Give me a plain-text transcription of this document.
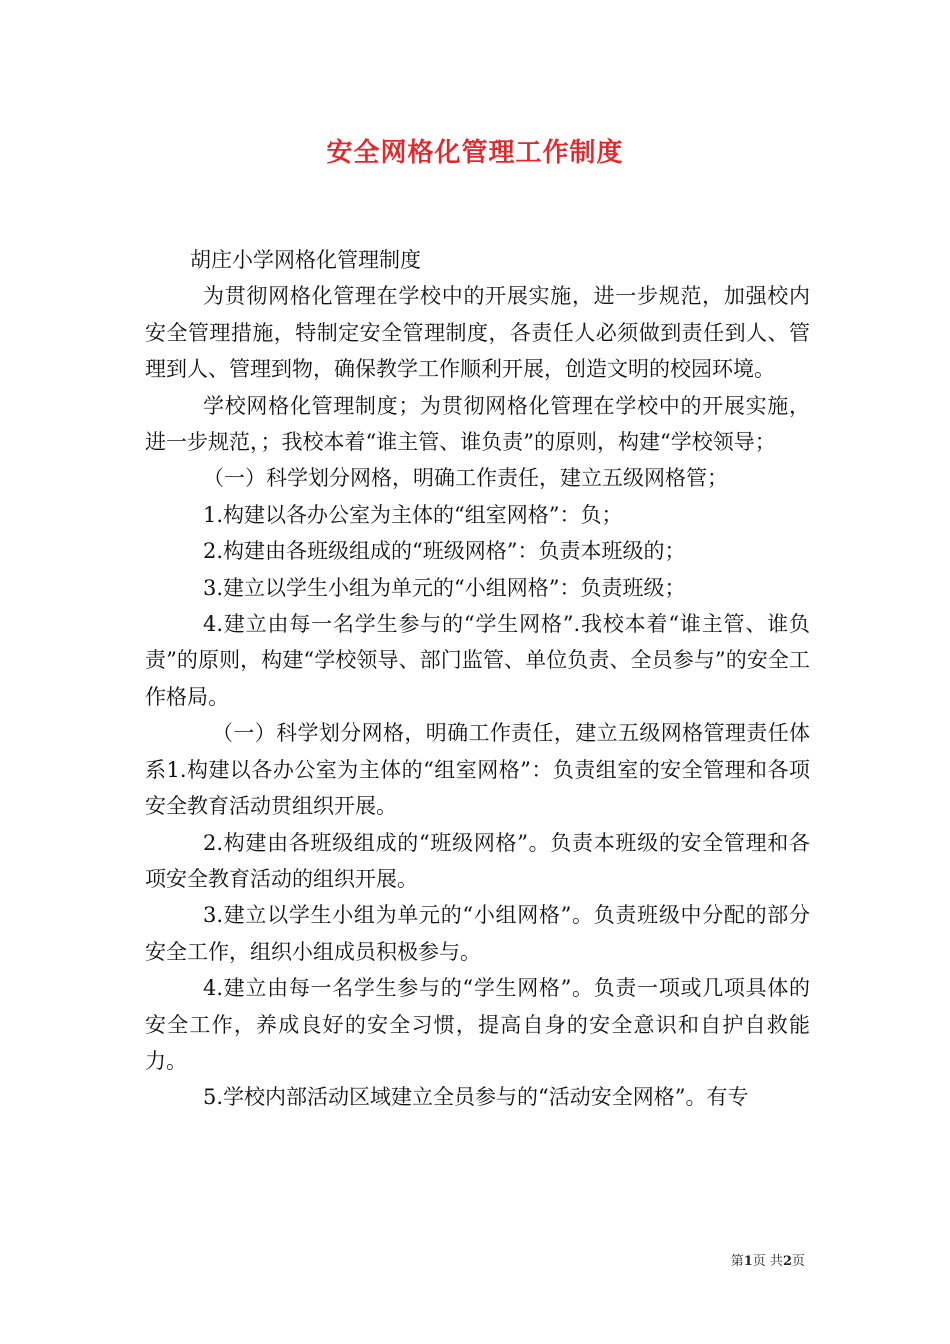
安全网格化管理工作制度

胡庄小学网格化管理制度

为贯彻网格化管理在学校中的开展实施，进一步规范，加强校内安全管理措施，特制定安全管理制度，各责任人必须做到责任到人、管理到人、管理到物，确保教学工作顺利开展，创造文明的校园环境。

学校网格化管理制度；为贯彻网格化管理在学校中的开展实施，进一步规范，；我校本着“谁主管、谁负责”的原则，构建“学校领导；

（一）科学划分网格，明确工作责任，建立五级网格管；

1.构建以各办公室为主体的“组室网格”：负；

2.构建由各班级组成的“班级网格”：负责本班级的；

3.建立以学生小组为单元的“小组网格”：负责班级；

4.建立由每一名学生参与的“学生网格”.我校本着“谁主管、谁负责”的原则，构建“学校领导、部门监管、单位负责、全员参与”的安全工作格局。

（一）科学划分网格，明确工作责任，建立五级网格管理责任体系1.构建以各办公室为主体的“组室网格”：负责组室的安全管理和各项安全教育活动贯组织开展。

2.构建由各班级组成的“班级网格”。负责本班级的安全管理和各项安全教育活动的组织开展。

3.建立以学生小组为单元的“小组网格”。负责班级中分配的部分安全工作，组织小组成员积极参与。

4.建立由每一名学生参与的“学生网格”。负责一项或几项具体的安全工作，养成良好的安全习惯，提高自身的安全意识和自护自救能力。

5.学校内部活动区域建立全员参与的“活动安全网格”。有专

第1页 共2页
